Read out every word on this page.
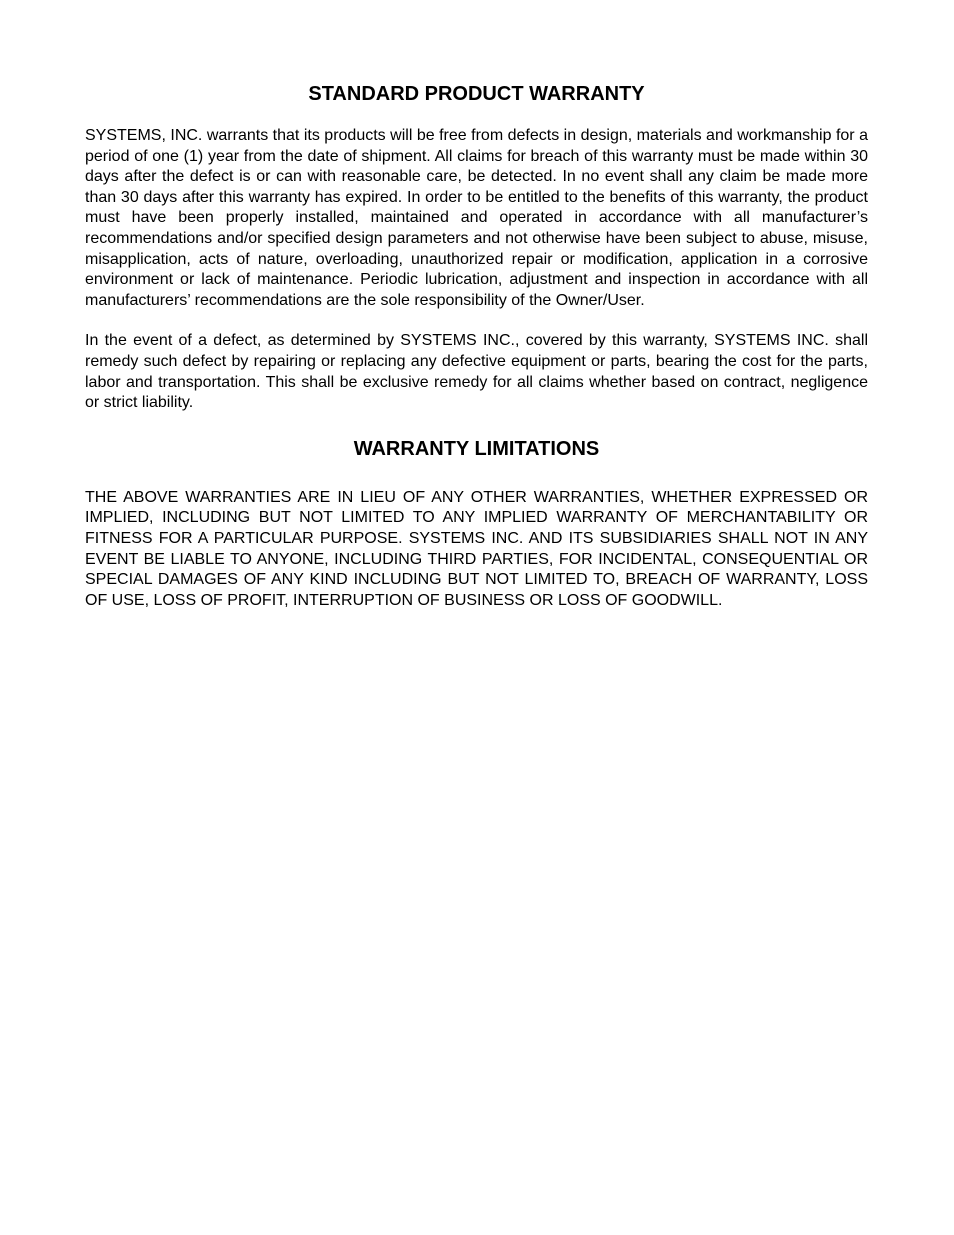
STANDARD PRODUCT WARRANTY

SYSTEMS, INC. warrants that its products will be free from defects in design, materials and workmanship for a period of one (1) year from the date of shipment. All claims for breach of this warranty must be made within 30 days after the defect is or can with reasonable care, be detected. In no event shall any claim be made more than 30 days after this warranty has expired. In order to be entitled to the benefits of this warranty, the product must have been properly installed, maintained and operated in accordance with all manufacturer’s recommendations and/or specified design parameters and not otherwise have been subject to abuse, misuse, misapplication, acts of nature, overloading, unauthorized repair or modification, application in a corrosive environment or lack of maintenance. Periodic lubrication, adjustment and inspection in accordance with all manufacturers’ recommendations are the sole responsibility of the Owner/User.

In the event of a defect, as determined by SYSTEMS INC., covered by this warranty, SYSTEMS INC. shall remedy such defect by repairing or replacing any defective equipment or parts, bearing the cost for the parts, labor and transportation. This shall be exclusive remedy for all claims whether based on contract, negligence or strict liability.

WARRANTY LIMITATIONS

THE ABOVE WARRANTIES ARE IN LIEU OF ANY OTHER WARRANTIES, WHETHER EXPRESSED OR IMPLIED, INCLUDING BUT NOT LIMITED TO ANY IMPLIED WARRANTY OF MERCHANTABILITY OR FITNESS FOR A PARTICULAR PURPOSE. SYSTEMS INC. AND ITS SUBSIDIARIES SHALL NOT IN ANY EVENT BE LIABLE TO ANYONE, INCLUDING THIRD PARTIES, FOR INCIDENTAL, CONSEQUENTIAL OR SPECIAL DAMAGES OF ANY KIND INCLUDING BUT NOT LIMITED TO, BREACH OF WARRANTY, LOSS OF USE, LOSS OF PROFIT, INTERRUPTION OF BUSINESS OR LOSS OF GOODWILL.
